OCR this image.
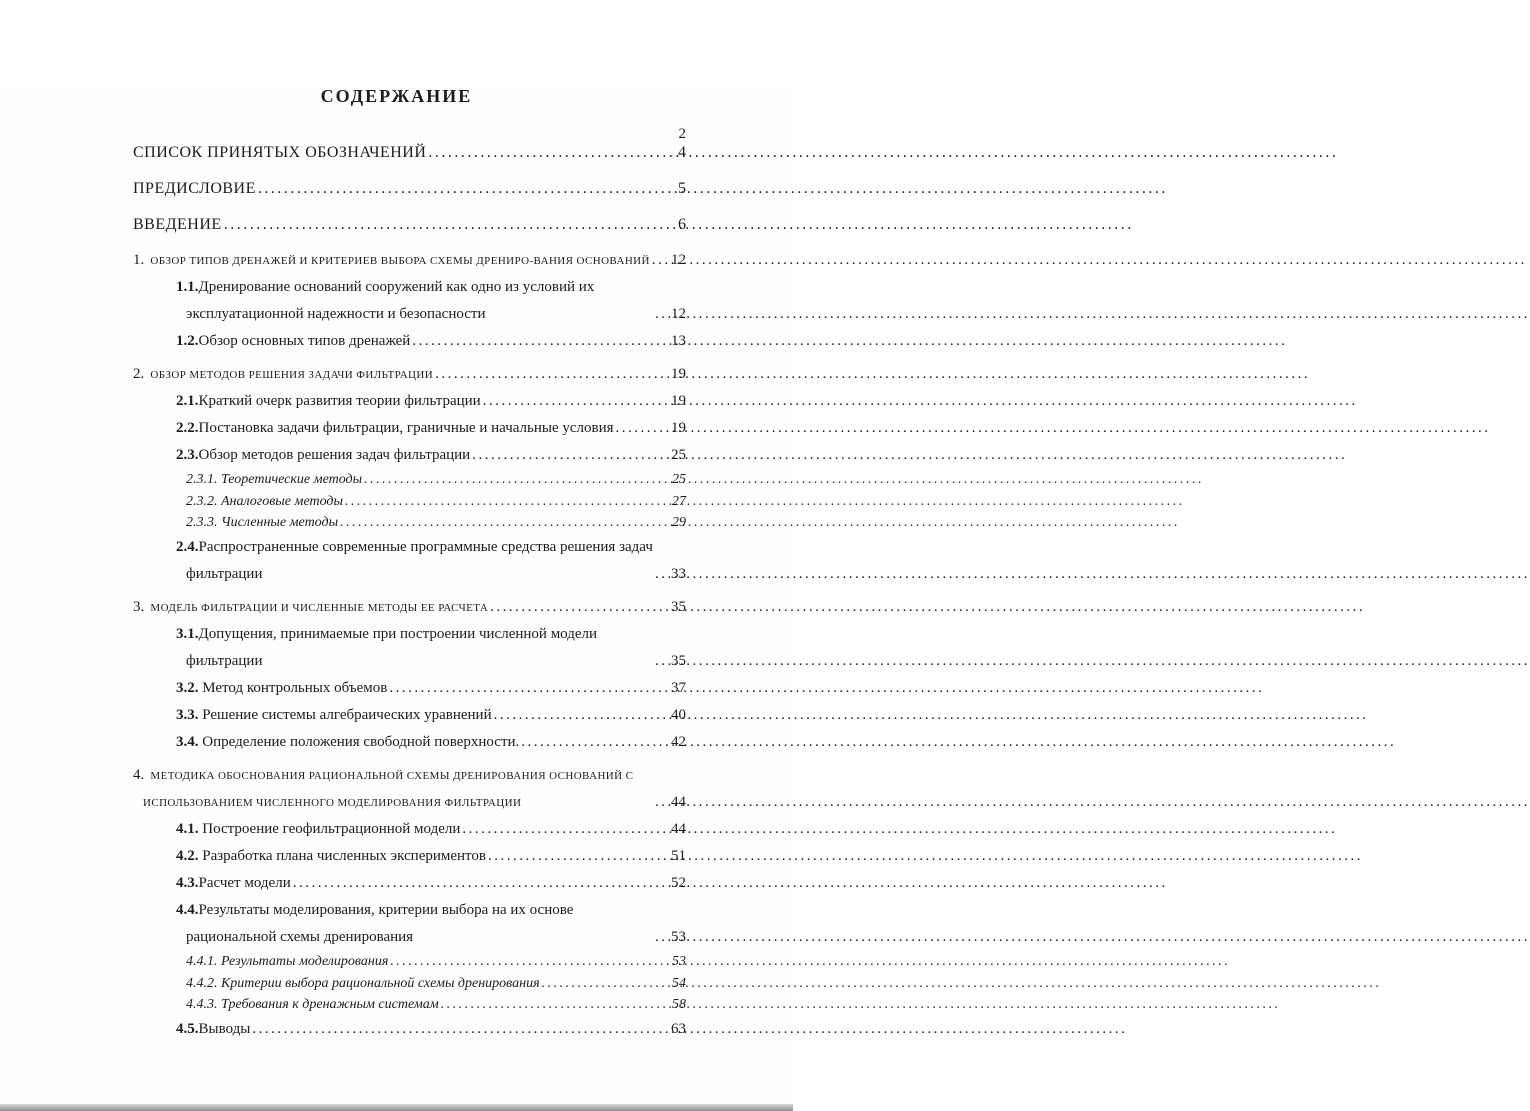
2
СОДЕРЖАНИЕ
СПИСОК ПРИНЯТЫХ ОБОЗНАЧЕНИЙ .....	4
ПРЕДИСЛОВИЕ .....	5
ВВЕДЕНИЕ .....	6
1. ОБЗОР ТИПОВ ДРЕНАЖЕЙ И КРИТЕРИЕВ ВЫБОРА СХЕМЫ ДРЕНИРО-ВАНИЯ ОСНОВАНИЙ ..... 12
1.1.Дренирование оснований сооружений как одно из условий их эксплуатационной надежности и безопасности .....	12
1.2.Обзор основных типов дренажей .....	13
2. ОБЗОР МЕТОДОВ РЕШЕНИЯ ЗАДАЧИ ФИЛЬТРАЦИИ .....	19
2.1.Краткий очерк развития теории фильтрации .....	19
2.2.Постановка задачи фильтрации, граничные и начальные условия .....	19
2.3.Обзор методов решения задач фильтрации .....	25
2.3.1. Теоретические методы .....	25
2.3.2. Аналоговые методы .....	27
2.3.3. Численные методы .....	29
2.4.Распространенные современные программные средства решения задач фильтрации .....	33
3. МОДЕЛЬ ФИЛЬТРАЦИИ И ЧИСЛЕННЫЕ МЕТОДЫ ЕЕ РАСЧЕТА .....	35
3.1.Допущения, принимаемые при построении численной модели фильтрации .....	35
3.2. Метод контрольных объемов .....	37
3.3. Решение системы алгебраических уравнений .....	40
3.4. Определение положения свободной поверхности. .....	42
4. МЕТОДИКА ОБОСНОВАНИЯ РАЦИОНАЛЬНОЙ СХЕМЫ ДРЕНИРОВАНИЯ ОСНОВАНИЙ С ИСПОЛЬЗОВАНИЕМ ЧИСЛЕННОГО МОДЕЛИРОВАНИЯ ФИЛЬТРАЦИИ .....	44
4.1. Построение геофильтрационной модели .....	44
4.2. Разработка плана численных экспериментов .....	51
4.3.Расчет модели .....	52
4.4.Результаты моделирования, критерии выбора на их основе рациональной схемы дренирования .....	53
4.4.1. Результаты моделирования .....	53
4.4.2. Критерии выбора рациональной схемы дренирования .....	54
4.4.3. Требования к дренажным системам .....	58
4.5.Выводы .....	63
